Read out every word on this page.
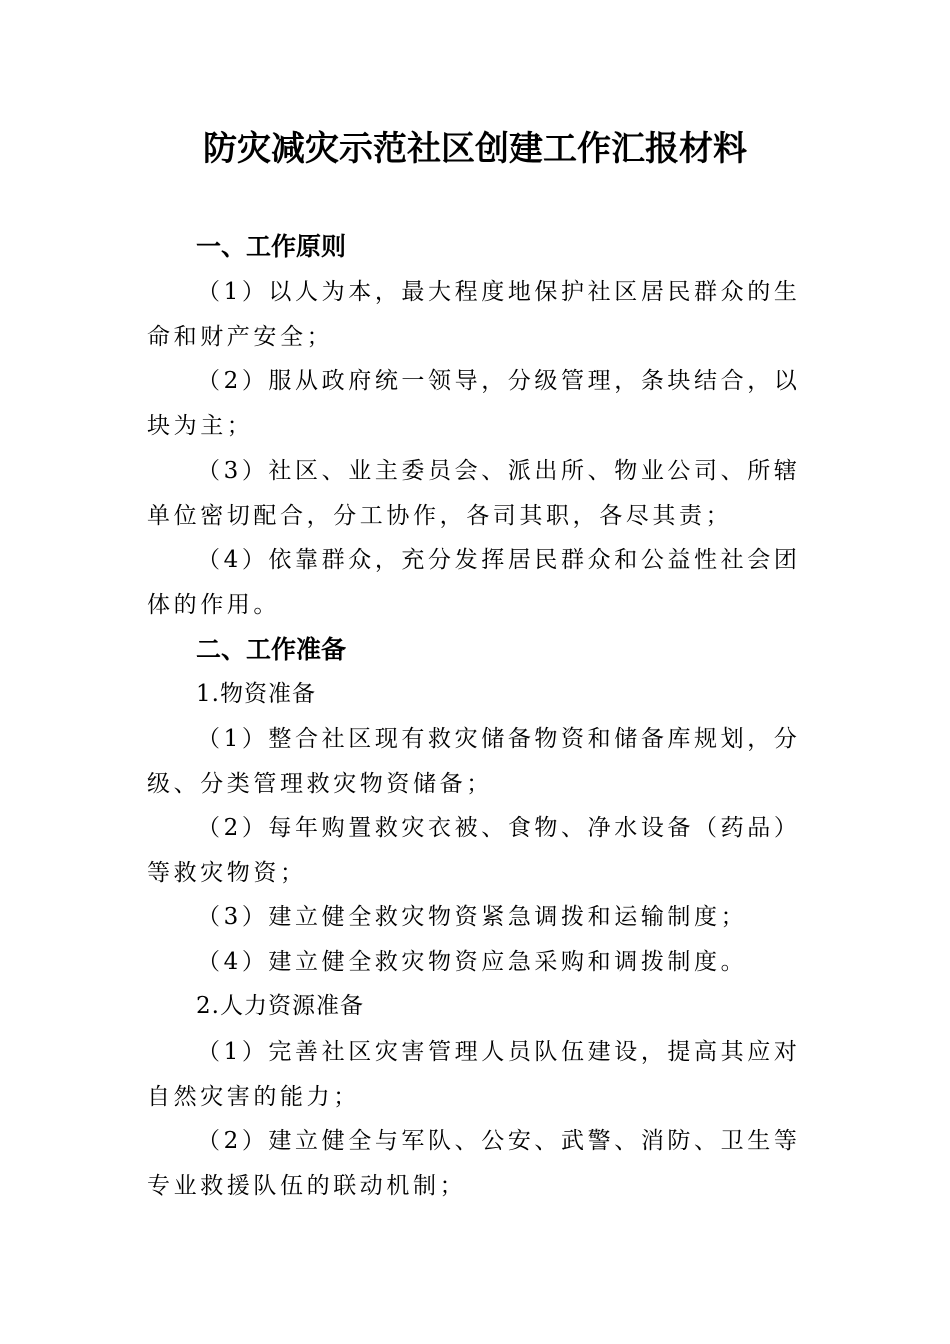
防灾减灾示范社区创建工作汇报材料
一、工作原则
（1）以人为本，最大程度地保护社区居民群众的生命和财产安全；
（2）服从政府统一领导，分级管理，条块结合，以块为主；
（3）社区、业主委员会、派出所、物业公司、所辖单位密切配合，分工协作，各司其职，各尽其责；
（4）依靠群众，充分发挥居民群众和公益性社会团体的作用。
二、工作准备
1.物资准备
（1）整合社区现有救灾储备物资和储备库规划，分级、分类管理救灾物资储备；
（2）每年购置救灾衣被、食物、净水设备（药品）等救灾物资；
（3）建立健全救灾物资紧急调拨和运输制度；
（4）建立健全救灾物资应急采购和调拨制度。
2.人力资源准备
（1）完善社区灾害管理人员队伍建设，提高其应对自然灾害的能力；
（2）建立健全与军队、公安、武警、消防、卫生等专业救援队伍的联动机制；
